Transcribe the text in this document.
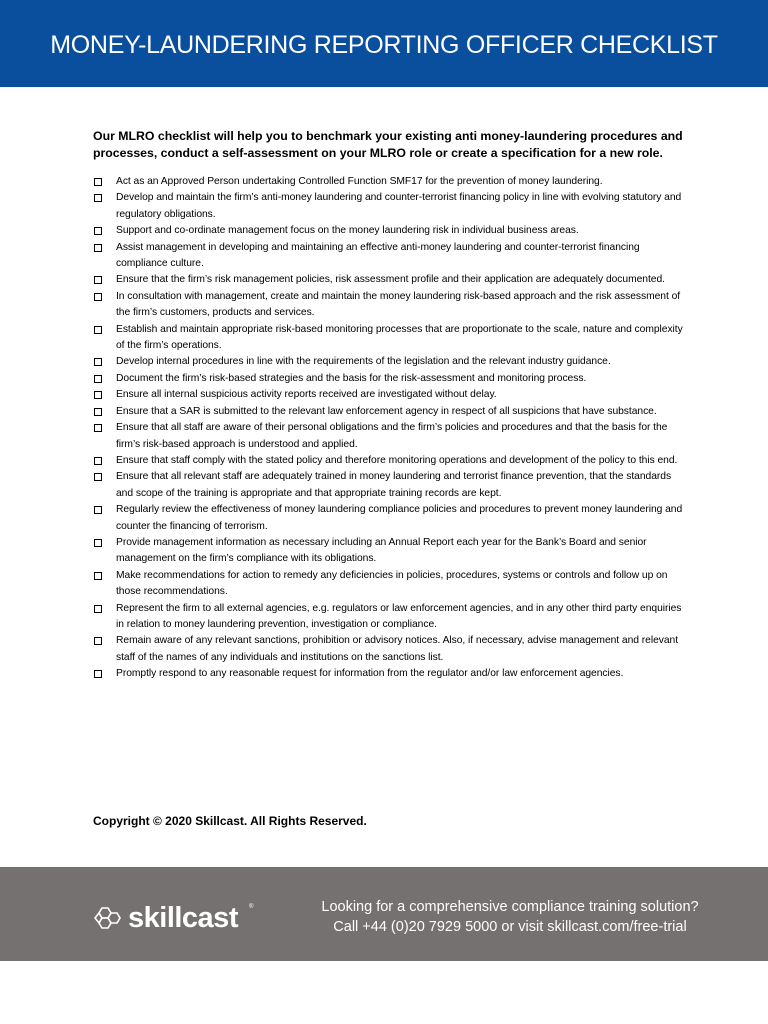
MONEY-LAUNDERING REPORTING OFFICER CHECKLIST
Our MLRO checklist will help you to benchmark your existing anti money-laundering procedures and processes, conduct a self-assessment on your MLRO role or create a specification for a new role.
Act as an Approved Person undertaking Controlled Function SMF17 for the prevention of money laundering.
Develop and maintain the firm’s anti-money laundering and counter-terrorist financing policy in line with evolving statutory and regulatory obligations.
Support and co-ordinate management focus on the money laundering risk in individual business areas.
Assist management in developing and maintaining an effective anti-money laundering and counter-terrorist financing compliance culture.
Ensure that the firm’s risk management policies, risk assessment profile and their application are adequately documented.
In consultation with management, create and maintain the money laundering risk-based approach and the risk assessment of the firm’s customers, products and services.
Establish and maintain appropriate risk-based monitoring processes that are proportionate to the scale, nature and complexity of the firm’s operations.
Develop internal procedures in line with the requirements of the legislation and the relevant industry guidance.
Document the firm’s risk-based strategies and the basis for the risk-assessment and monitoring process.
Ensure all internal suspicious activity reports received are investigated without delay.
Ensure that a SAR is submitted to the relevant law enforcement agency in respect of all suspicions that have substance.
Ensure that all staff are aware of their personal obligations and the firm’s policies and procedures and that the basis for the firm’s risk-based approach is understood and applied.
Ensure that staff comply with the stated policy and therefore monitoring operations and development of the policy to this end.
Ensure that all relevant staff are adequately trained in money laundering and terrorist finance prevention, that the standards and scope of the training is appropriate and that appropriate training records are kept.
Regularly review the effectiveness of money laundering compliance policies and procedures to prevent money laundering and counter the financing of terrorism.
Provide management information as necessary including an Annual Report each year for the Bank’s Board and senior management on the firm’s compliance with its obligations.
Make recommendations for action to remedy any deficiencies in policies, procedures, systems or controls and follow up on those recommendations.
Represent the firm to all external agencies, e.g. regulators or law enforcement agencies, and in any other third party enquiries in relation to money laundering prevention, investigation or compliance.
Remain aware of any relevant sanctions, prohibition or advisory notices. Also, if necessary, advise management and relevant staff of the names of any individuals and institutions on the sanctions list.
Promptly respond to any reasonable request for information from the regulator and/or law enforcement agencies.
Copyright © 2020 Skillcast. All Rights Reserved.
skillcast ®	Looking for a comprehensive compliance training solution?
Call +44 (0)20 7929 5000 or visit skillcast.com/free-trial
